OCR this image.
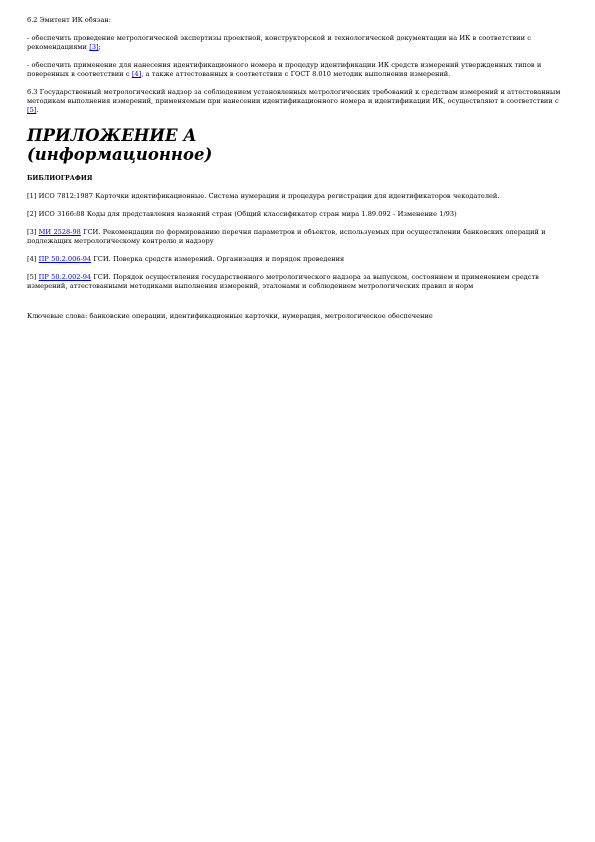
6.2 Эмитент ИК обязан:

- обеспечить проведение метрологической экспертизы проектной, конструкторской и технологической документации на ИК в соответствии с рекомендациями [3];

- обеспечить применение для нанесения идентификационного номера и процедур идентификации ИК средств измерений утвержденных типов и поверенных в соответствии с [4], а также аттестованных в соответствии с ГОСТ 8.010 методик выполнения измерений.

6.3 Государственный метрологический надзор за соблюдением установленных метрологических требований к средствам измерений и аттестованным методикам выполнения измерений, применяемым при нанесении идентификационного номера и идентификации ИК, осуществляют в соответствии с [5].

ПРИЛОЖЕНИЕ А

(информационное)

БИБЛИОГРАФИЯ

[1] ИСО 7812:1987 Карточки идентификационные. Система нумерации и процедура регистрации для идентификаторов чекодателей.

[2] ИСО 3166:88 Коды для представления названий стран (Общий классификатор стран мира 1.89.092 - Изменение 1/93)

[3] МИ 2528-98 ГСИ. Рекомендации по формированию перечня параметров и объектов, используемых при осуществлении банковских операций и подлежащих метрологическому контролю и надзору

[4] ПР 50.2.006-94 ГСИ. Поверка средств измерений. Организация и порядок проведения

[5] ПР 50.2.002-94 ГСИ. Порядок осуществления государственного метрологического надзора за выпуском, состоянием и применением средств измерений, аттестованными методиками выполнения измерений, эталонами и соблюдением метрологических правил и норм

Ключевые слова: банковские операции, идентификационные карточки, нумерация, метрологическое обеспечение
